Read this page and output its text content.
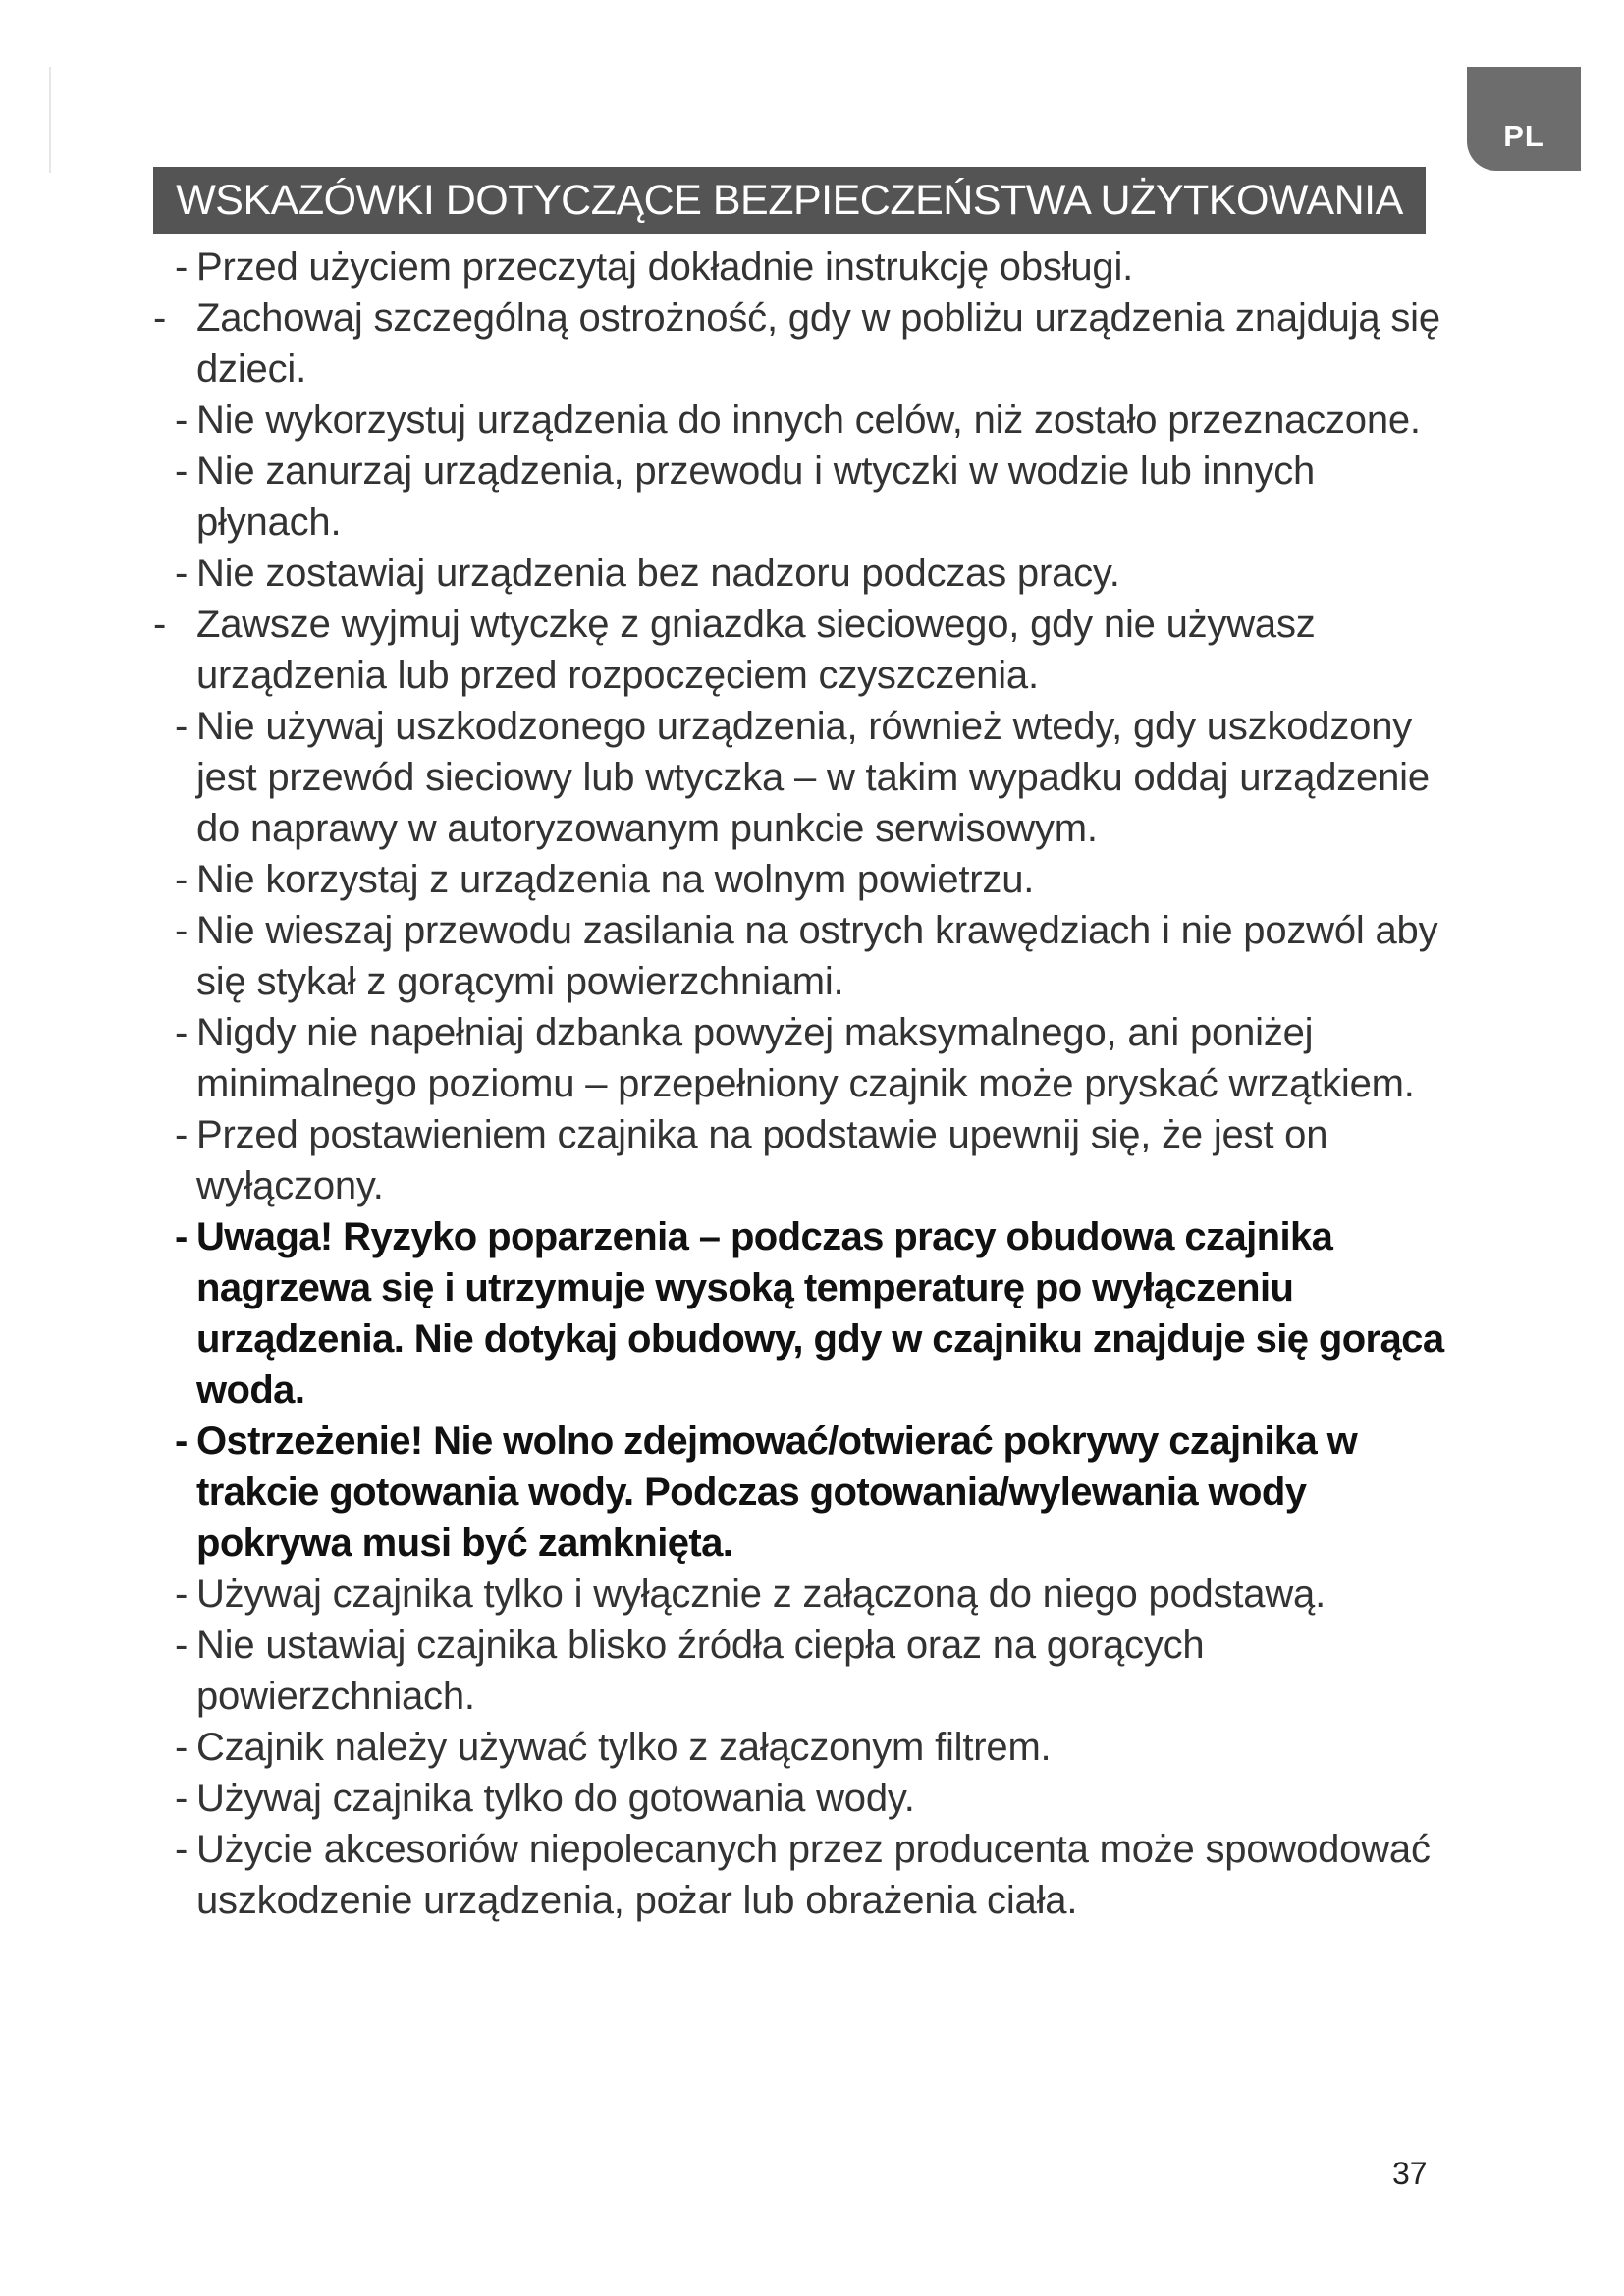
PL
WSKAZÓWKI DOTYCZĄCE BEZPIECZEŃSTWA UŻYTKOWANIA
- Przed użyciem przeczytaj dokładnie instrukcję obsługi.
- Zachowaj szczególną ostrożność, gdy w pobliżu urządzenia znajdują się dzieci.
- Nie wykorzystuj urządzenia do innych celów, niż zostało przeznaczone.
- Nie zanurzaj urządzenia, przewodu i wtyczki w wodzie lub innych płynach.
- Nie zostawiaj urządzenia bez nadzoru podczas pracy.
- Zawsze wyjmuj wtyczkę z gniazdka sieciowego, gdy nie używasz urządzenia lub przed rozpoczęciem czyszczenia.
- Nie używaj uszkodzonego urządzenia, również wtedy, gdy uszkodzony jest przewód sieciowy lub wtyczka – w takim wypadku oddaj urządzenie do naprawy w autoryzowanym punkcie serwisowym.
- Nie korzystaj z urządzenia na wolnym powietrzu.
- Nie wieszaj przewodu zasilania na ostrych krawędziach i nie pozwól aby się stykał z gorącymi powierzchniami.
- Nigdy nie napełniaj dzbanka powyżej maksymalnego, ani poniżej minimalnego poziomu – przepełniony czajnik może pryskać wrzątkiem.
- Przed postawieniem czajnika na podstawie upewnij się, że jest on wyłączony.
- Uwaga! Ryzyko poparzenia – podczas pracy obudowa czajnika nagrzewa się i utrzymuje wysoką temperaturę po wyłączeniu urządzenia. Nie dotykaj obudowy, gdy w czajniku znajduje się gorąca woda.
- Ostrzeżenie! Nie wolno zdejmować/otwierać pokrywy czajnika w trakcie gotowania wody. Podczas gotowania/wylewania wody pokrywa musi być zamknięta.
- Używaj czajnika tylko i wyłącznie z załączoną do niego podstawą.
- Nie ustawiaj czajnika blisko źródła ciepła oraz na gorących powierzchniach.
- Czajnik należy używać tylko z załączonym filtrem.
- Używaj czajnika tylko do gotowania wody.
- Użycie akcesoriów niepolecanych przez producenta może spowodować uszkodzenie urządzenia, pożar lub obrażenia ciała.
37
